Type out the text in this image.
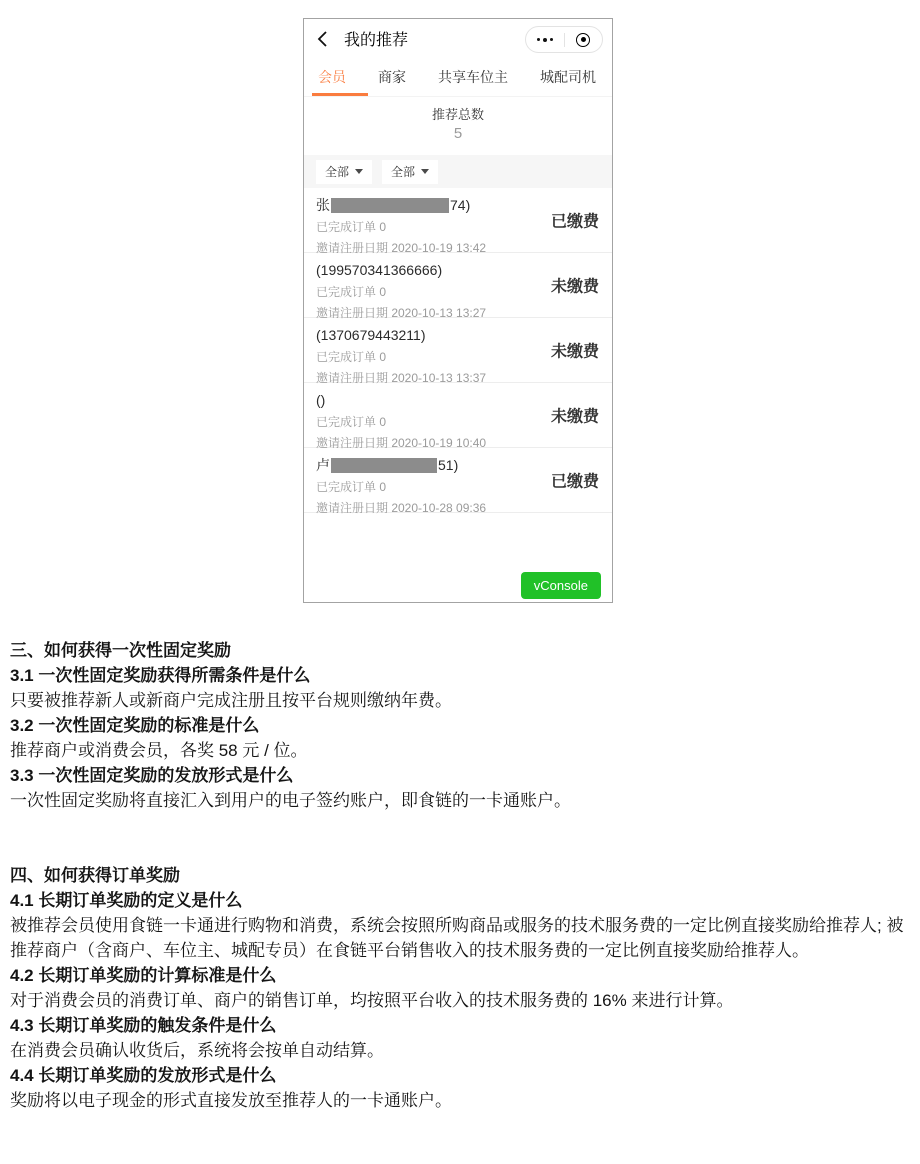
我的推荐
会员 商家 共享车位主 城配司机
推荐总数
5
全部	全部
张	74)
已完成订单 0
邀请注册日期 2020-10-19 13:42
已缴费
(199570341366666)
已完成订单 0
邀请注册日期 2020-10-13 13:27
未缴费
(1370679443211)
已完成订单 0
邀请注册日期 2020-10-13 13:37
未缴费
()
已完成订单 0
邀请注册日期 2020-10-19 10:40
未缴费
卢	51)
已完成订单 0
邀请注册日期 2020-10-28 09:36
已缴费
vConsole
三、如何获得一次性固定奖励
3.1 一次性固定奖励获得所需条件是什么
只要被推荐新人或新商户完成注册且按平台规则缴纳年费。
3.2 一次性固定奖励的标准是什么
推荐商户或消费会员，各奖 58 元 / 位。
3.3 一次性固定奖励的发放形式是什么
一次性固定奖励将直接汇入到用户的电子签约账户，即食链的一卡通账户。
四、如何获得订单奖励
4.1 长期订单奖励的定义是什么
被推荐会员使用食链一卡通进行购物和消费，系统会按照所购商品或服务的技术服务费的一定比例直接奖励给推荐人; 被推荐商户（含商户、车位主、城配专员）在食链平台销售收入的技术服务费的一定比例直接奖励给推荐人。
4.2 长期订单奖励的计算标准是什么
对于消费会员的消费订单、商户的销售订单，均按照平台收入的技术服务费的 16% 来进行计算。
4.3 长期订单奖励的触发条件是什么
在消费会员确认收货后，系统将会按单自动结算。
4.4 长期订单奖励的发放形式是什么
奖励将以电子现金的形式直接发放至推荐人的一卡通账户。
